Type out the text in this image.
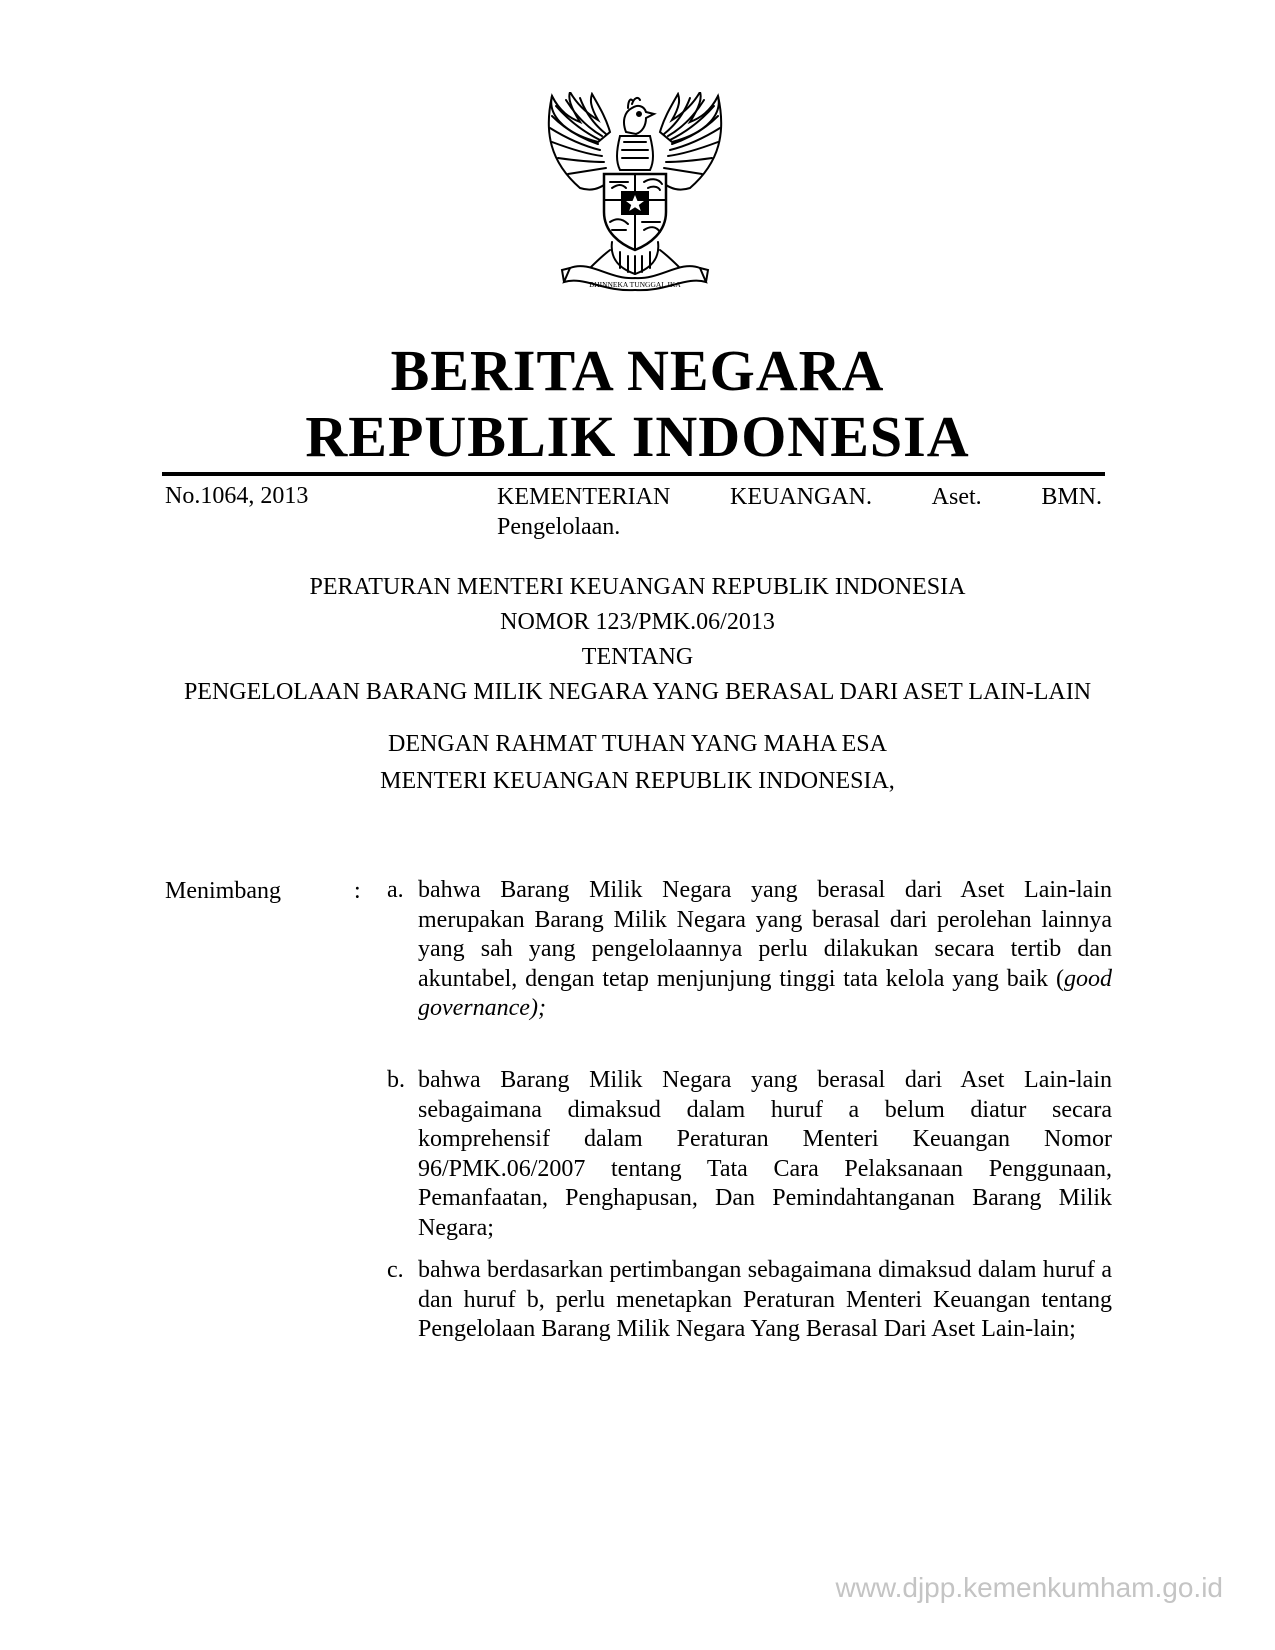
BHINNEKA TUNGGAL IKA
BERITA NEGARA
REPUBLIK INDONESIA
No.1064, 2013	KEMENTERIAN KEUANGAN. Aset. BMN.
Pengelolaan.
PERATURAN MENTERI KEUANGAN REPUBLIK INDONESIA
NOMOR 123/PMK.06/2013
TENTANG
PENGELOLAAN BARANG MILIK NEGARA YANG BERASAL DARI ASET LAIN-LAIN
DENGAN RAHMAT TUHAN YANG MAHA ESA
MENTERI KEUANGAN REPUBLIK INDONESIA,
Menimbang	: a. bahwa Barang Milik Negara yang berasal dari Aset Lain-lain merupakan Barang Milik Negara yang berasal dari perolehan lainnya yang sah yang pengelolaannya perlu dilakukan secara tertib dan akuntabel, dengan tetap menjunjung tinggi tata kelola yang baik (good governance);
b. bahwa Barang Milik Negara yang berasal dari Aset Lain-lain sebagaimana dimaksud dalam huruf a belum diatur secara komprehensif dalam Peraturan Menteri Keuangan Nomor 96/PMK.06/2007 tentang Tata Cara Pelaksanaan Penggunaan, Pemanfaatan, Penghapusan, Dan Pemindahtanganan Barang Milik Negara;
c. bahwa berdasarkan pertimbangan sebagaimana dimaksud dalam huruf a dan huruf b, perlu menetapkan Peraturan Menteri Keuangan tentang Pengelolaan Barang Milik Negara Yang Berasal Dari Aset Lain-lain;
www.djpp.kemenkumham.go.id
